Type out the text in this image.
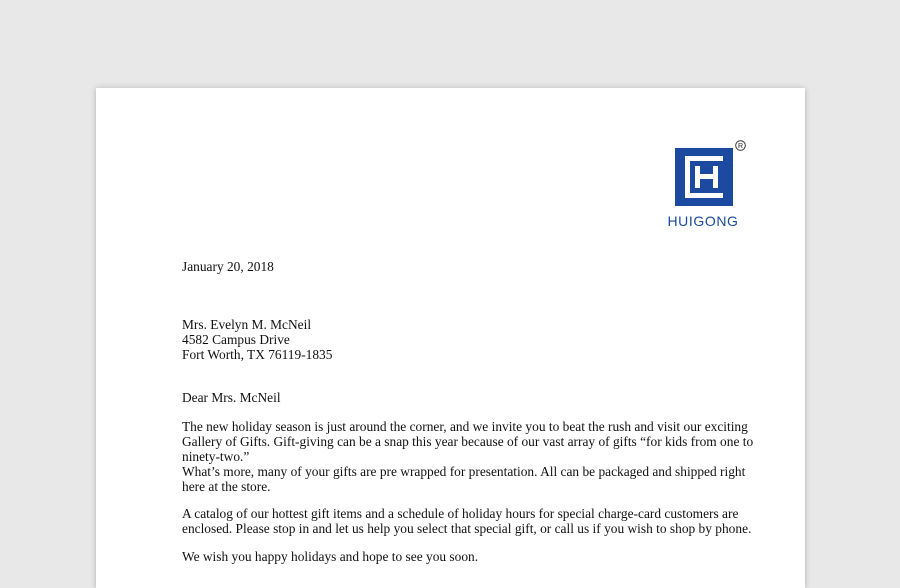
R
HUIGONG
January 20, 2018
Mrs. Evelyn M. McNeil
4582 Campus Drive
Fort Worth, TX 76119-1835
Dear Mrs. McNeil

The new holiday season is just around the corner, and we invite you to beat the rush and visit our exciting Gallery of Gifts. Gift-giving can be a snap this year because of our vast array of gifts “for kids from one to ninety-two.”

What’s more, many of your gifts are pre wrapped for presentation. All can be packaged and shipped right here at the store.

A catalog of our hottest gift items and a schedule of holiday hours for special charge-card customers are enclosed. Please stop in and let us help you select that special gift, or call us if you wish to shop by phone.

We wish you happy holidays and hope to see you soon.
